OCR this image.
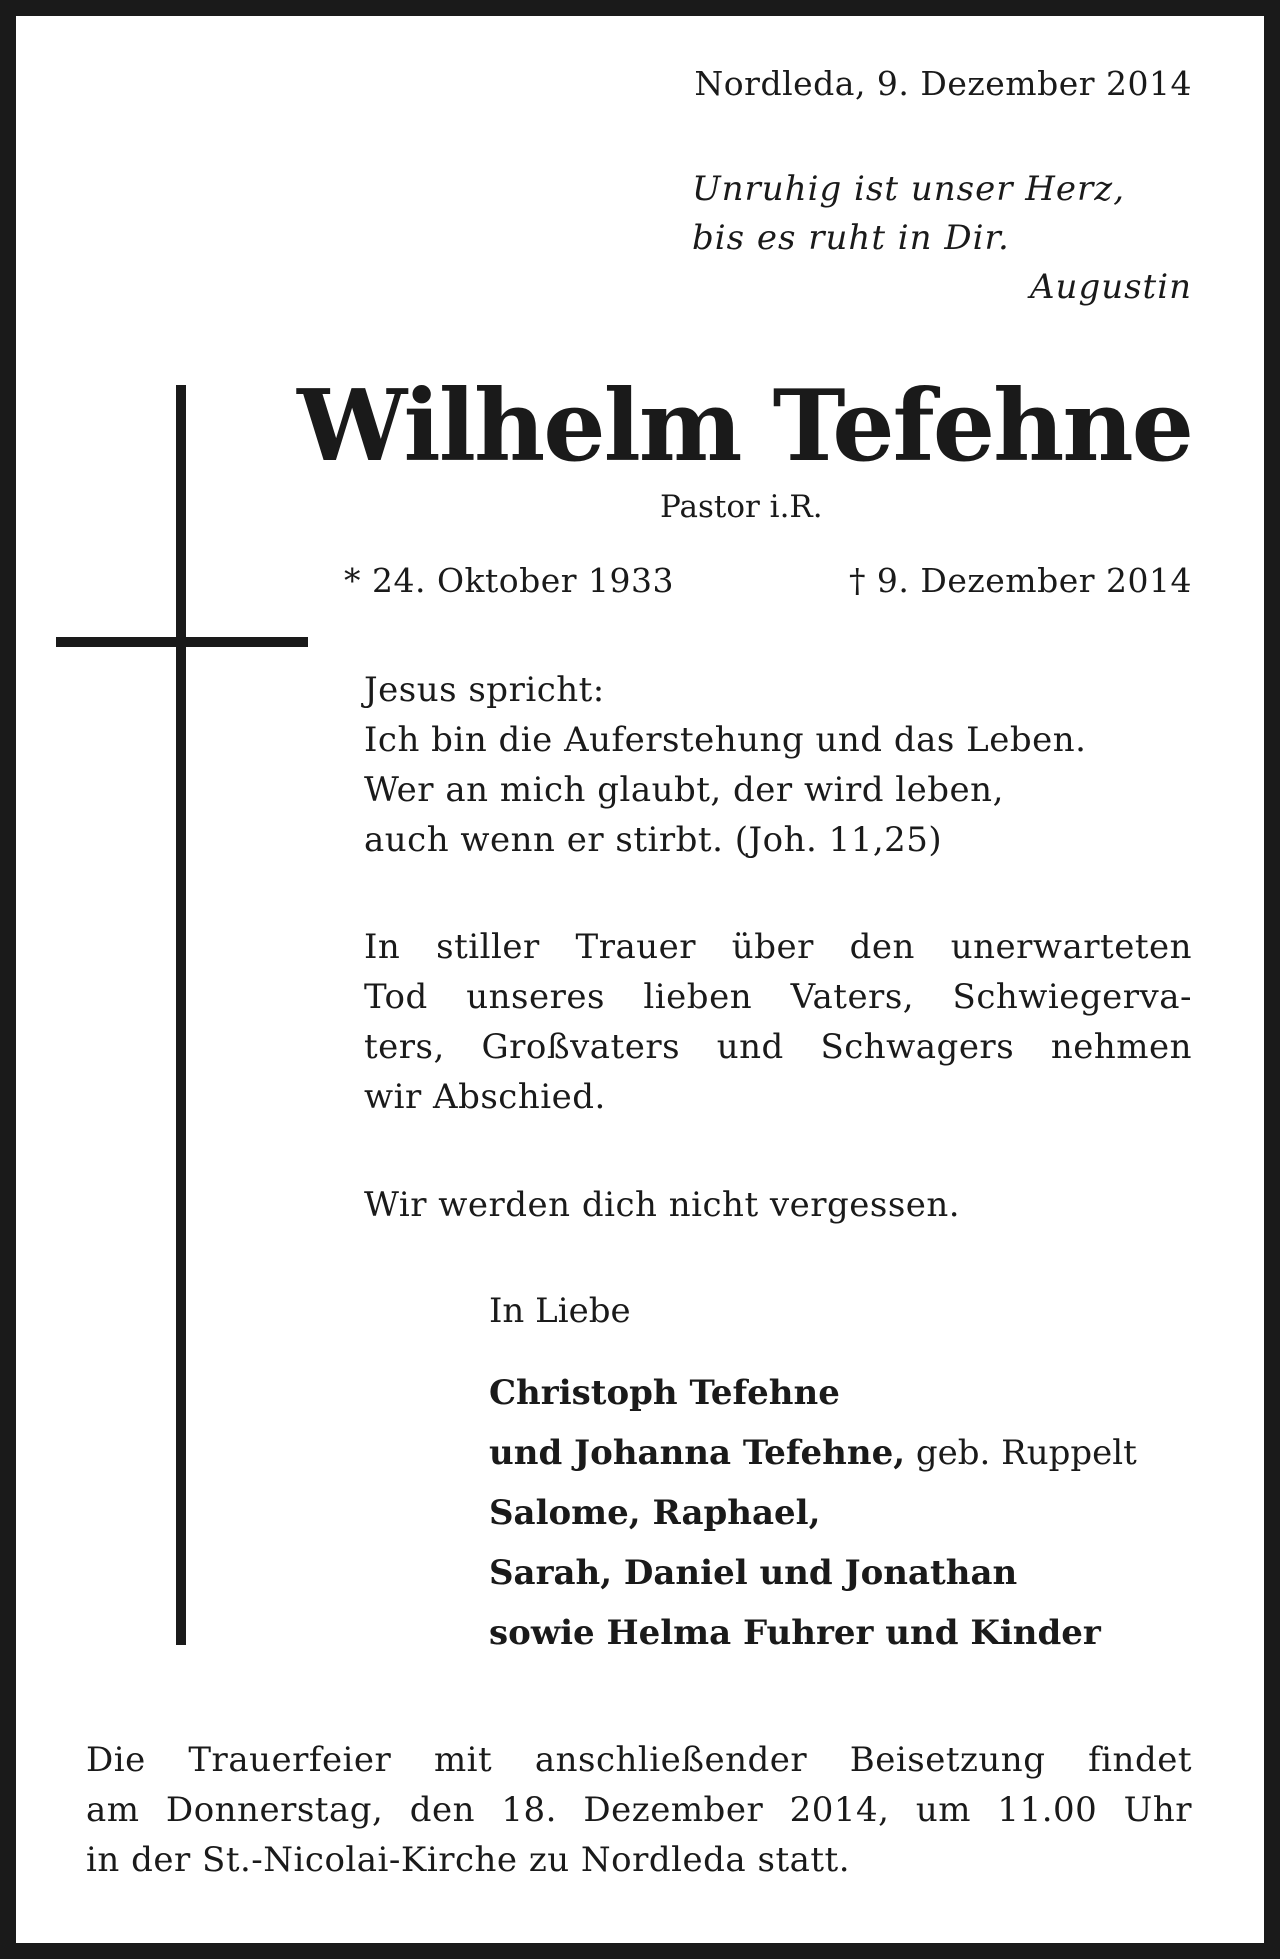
Nordleda, 9. Dezember 2014
Unruhig ist unser Herz,
bis es ruht in Dir.
Augustin
Wilhelm Tefehne
Pastor i.R.
* 24. Oktober 1933	† 9. Dezember 2014
Jesus spricht:
Ich bin die Auferstehung und das Leben.
Wer an mich glaubt, der wird leben,
auch wenn er stirbt. (Joh. 11,25)
In stiller Trauer über den unerwarteten
Tod unseres lieben Vaters, Schwiegerva-
ters, Großvaters und Schwagers nehmen
wir Abschied.
Wir werden dich nicht vergessen.
In Liebe
Christoph Tefehne
und Johanna Tefehne, geb. Ruppelt
Salome, Raphael,
Sarah, Daniel und Jonathan
sowie Helma Fuhrer und Kinder
Die Trauerfeier mit anschließender Beisetzung findet
am Donnerstag, den 18. Dezember 2014, um 11.00 Uhr
in der St.-Nicolai-Kirche zu Nordleda statt.
